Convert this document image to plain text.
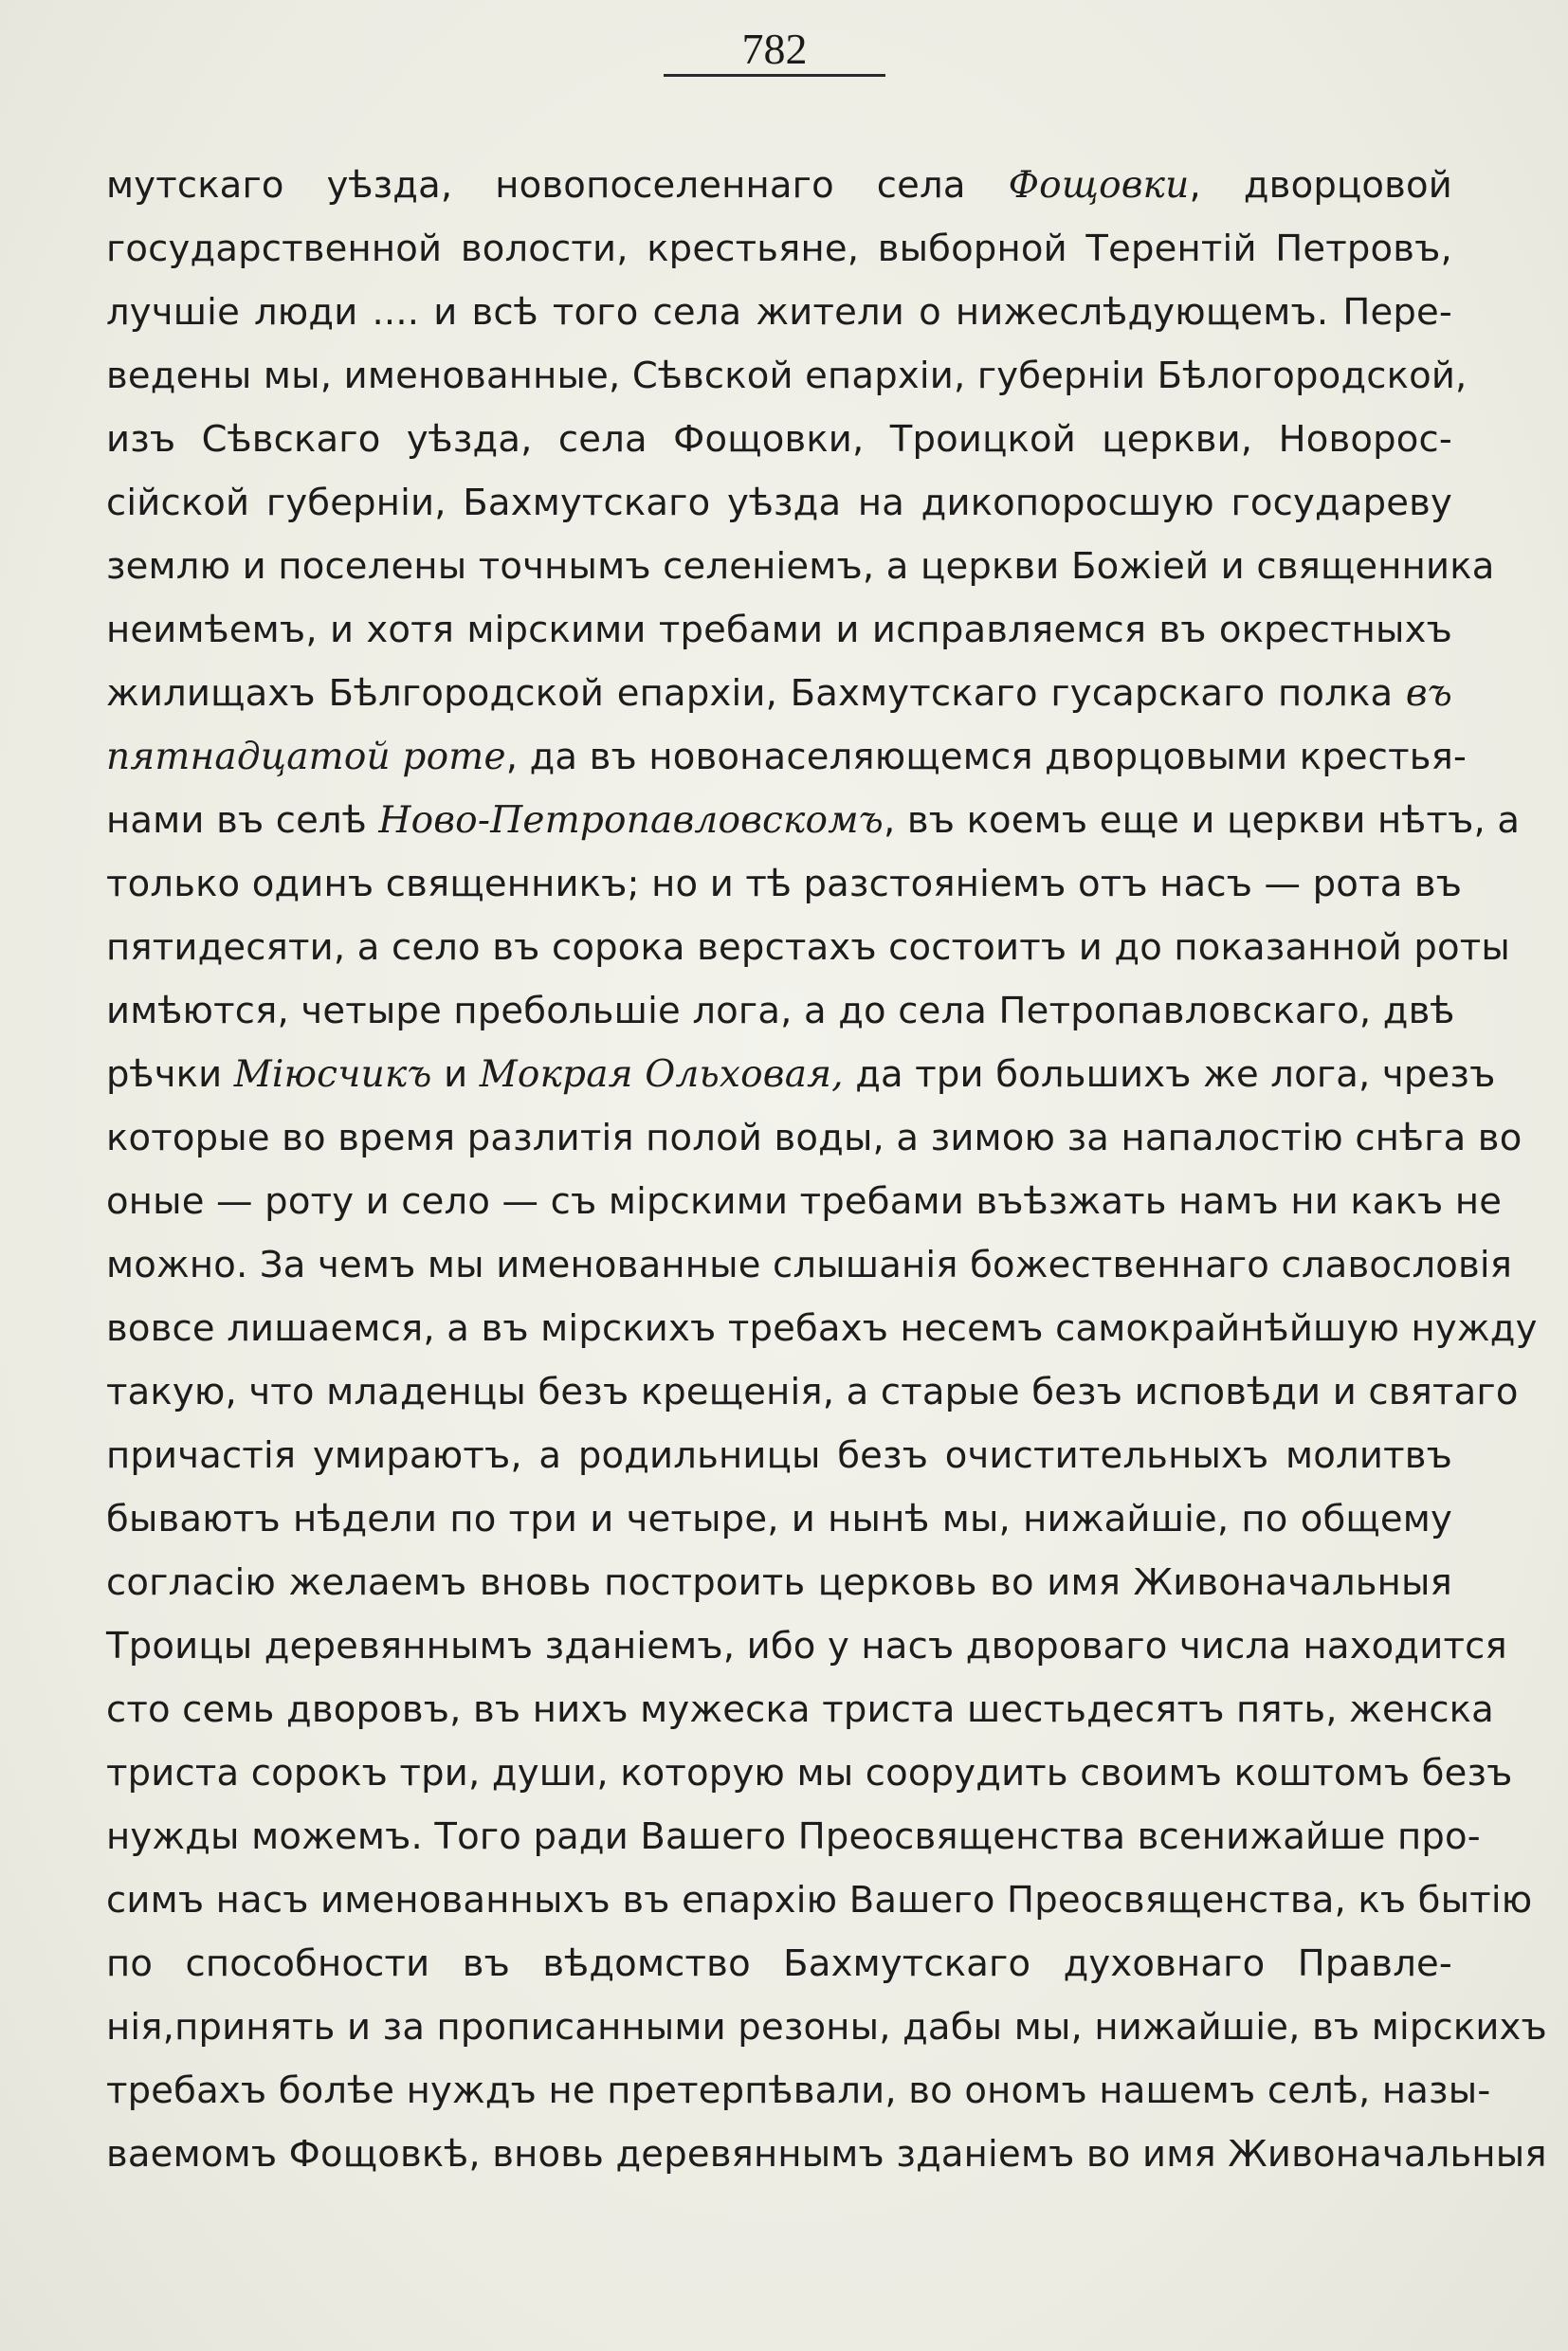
782
мутскаго уѣзда, новопоселеннаго села Фощовки, дворцовой
государственной волости, крестьяне, выборной Терентій Петровъ,
лучшіе люди .... и всѣ того села жители о нижеслѣдующемъ. Пере-
ведены мы, именованные, Сѣвской епархіи, губерніи Бѣлогородской,
изъ Сѣвскаго уѣзда, села Фощовки, Троицкой церкви, Новорос-
сійской губерніи, Бахмутскаго уѣзда на дикопоросшую государеву
землю и поселены точнымъ селеніемъ, а церкви Божіей и священника
неимѣемъ, и хотя мірскими требами и исправляемся въ окрестныхъ
жилищахъ Бѣлгородской епархіи, Бахмутскаго гусарскаго полка въ
пятнадцатой роте, да въ новонаселяющемся дворцовыми крестья-
нами въ селѣ Ново-Петропавловскомъ, въ коемъ еще и церкви нѣтъ, а
только одинъ священникъ; но и тѣ разстояніемъ отъ насъ — рота въ
пятидесяти, а село въ сорока верстахъ состоитъ и до показанной роты
имѣются, четыре пребольшіе лога, а до села Петропавловскаго, двѣ
рѣчки Міюсчикъ и Мокрая Ольховая, да три большихъ же лога, чрезъ
которые во время разлитія полой воды, а зимою за напалостію снѣга во
оные — роту и село — съ мірскими требами въѣзжать намъ ни какъ не
можно. За чемъ мы именованные слышанія божественнаго славословія
вовсе лишаемся, а въ мірскихъ требахъ несемъ самокрайнѣйшую нужду
такую, что младенцы безъ крещенія, а старые безъ исповѣди и святаго
причастія умираютъ, а родильницы безъ очистительныхъ молитвъ
бываютъ нѣдели по три и четыре, и нынѣ мы, нижайшіе, по общему
согласію желаемъ вновь построить церковь во имя Живоначальныя
Троицы деревяннымъ зданіемъ, ибо у насъ двороваго числа находится
сто семь дворовъ, въ нихъ мужеска триста шестьдесятъ пять, женска
триста сорокъ три, души, которую мы соорудить своимъ коштомъ безъ
нужды можемъ. Того ради Вашего Преосвященства всенижайше про-
симъ насъ именованныхъ въ епархію Вашего Преосвященства, къ бытію
по способности въ вѣдомство Бахмутскаго духовнаго Правле-
нія,принять и за прописанными резоны, дабы мы, нижайшіе, въ мірскихъ
требахъ болѣе нуждъ не претерпѣвали, во ономъ нашемъ селѣ, назы-
ваемомъ Фощовкѣ, вновь деревяннымъ зданіемъ во имя Живоначальныя
